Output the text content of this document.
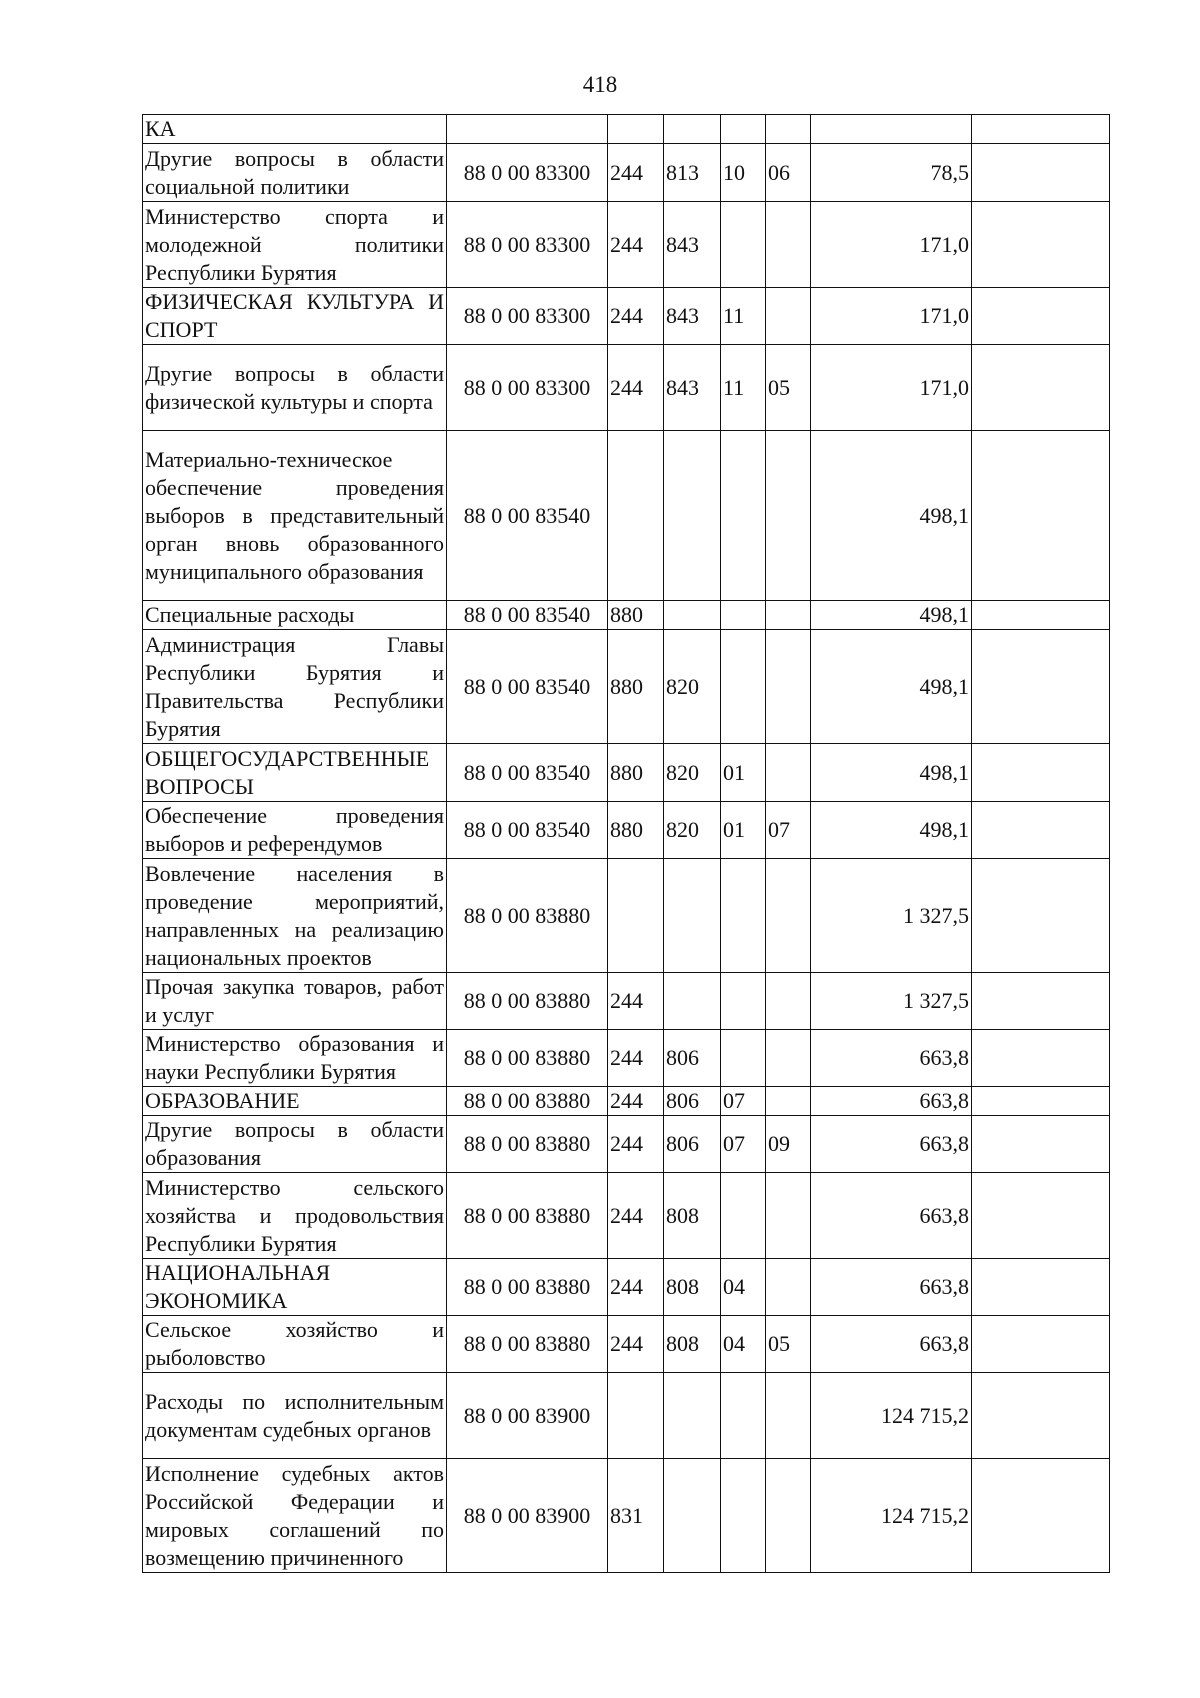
418
КА							
Другие вопросы в области социальной политики	88 0 00 83300	244	813	10	06	78,5	
Министерство спорта и молодежной политики Республики Бурятия	88 0 00 83300	244	843			171,0	
ФИЗИЧЕСКАЯ КУЛЬТУРА И СПОРТ	88 0 00 83300	244	843	11		171,0	
Другие вопросы в области физической культуры и спорта	88 0 00 83300	244	843	11	05	171,0	
Материально-техническое обеспечение проведения выборов в представительный орган вновь образованного муниципального образования	88 0 00 83540					498,1	
Специальные расходы	88 0 00 83540	880				498,1	
Администрация Главы Республики Бурятия и Правительства Республики Бурятия	88 0 00 83540	880	820			498,1	
ОБЩЕГОСУДАРСТВЕННЫЕ ВОПРОСЫ	88 0 00 83540	880	820	01		498,1	
Обеспечение проведения выборов и референдумов	88 0 00 83540	880	820	01	07	498,1	
Вовлечение населения в проведение мероприятий, направленных на реализацию национальных проектов	88 0 00 83880					1 327,5	
Прочая закупка товаров, работ и услуг	88 0 00 83880	244				1 327,5	
Министерство образования и науки Республики Бурятия	88 0 00 83880	244	806			663,8	
ОБРАЗОВАНИЕ	88 0 00 83880	244	806	07		663,8	
Другие вопросы в области образования	88 0 00 83880	244	806	07	09	663,8	
Министерство сельского хозяйства и продовольствия Республики Бурятия	88 0 00 83880	244	808			663,8	
НАЦИОНАЛЬНАЯ ЭКОНОМИКА	88 0 00 83880	244	808	04		663,8	
Сельское хозяйство и рыболовство	88 0 00 83880	244	808	04	05	663,8	
Расходы по исполнительным документам судебных органов	88 0 00 83900					124 715,2	
Исполнение судебных актов Российской Федерации и мировых соглашений по возмещению причиненного	88 0 00 83900	831				124 715,2	
